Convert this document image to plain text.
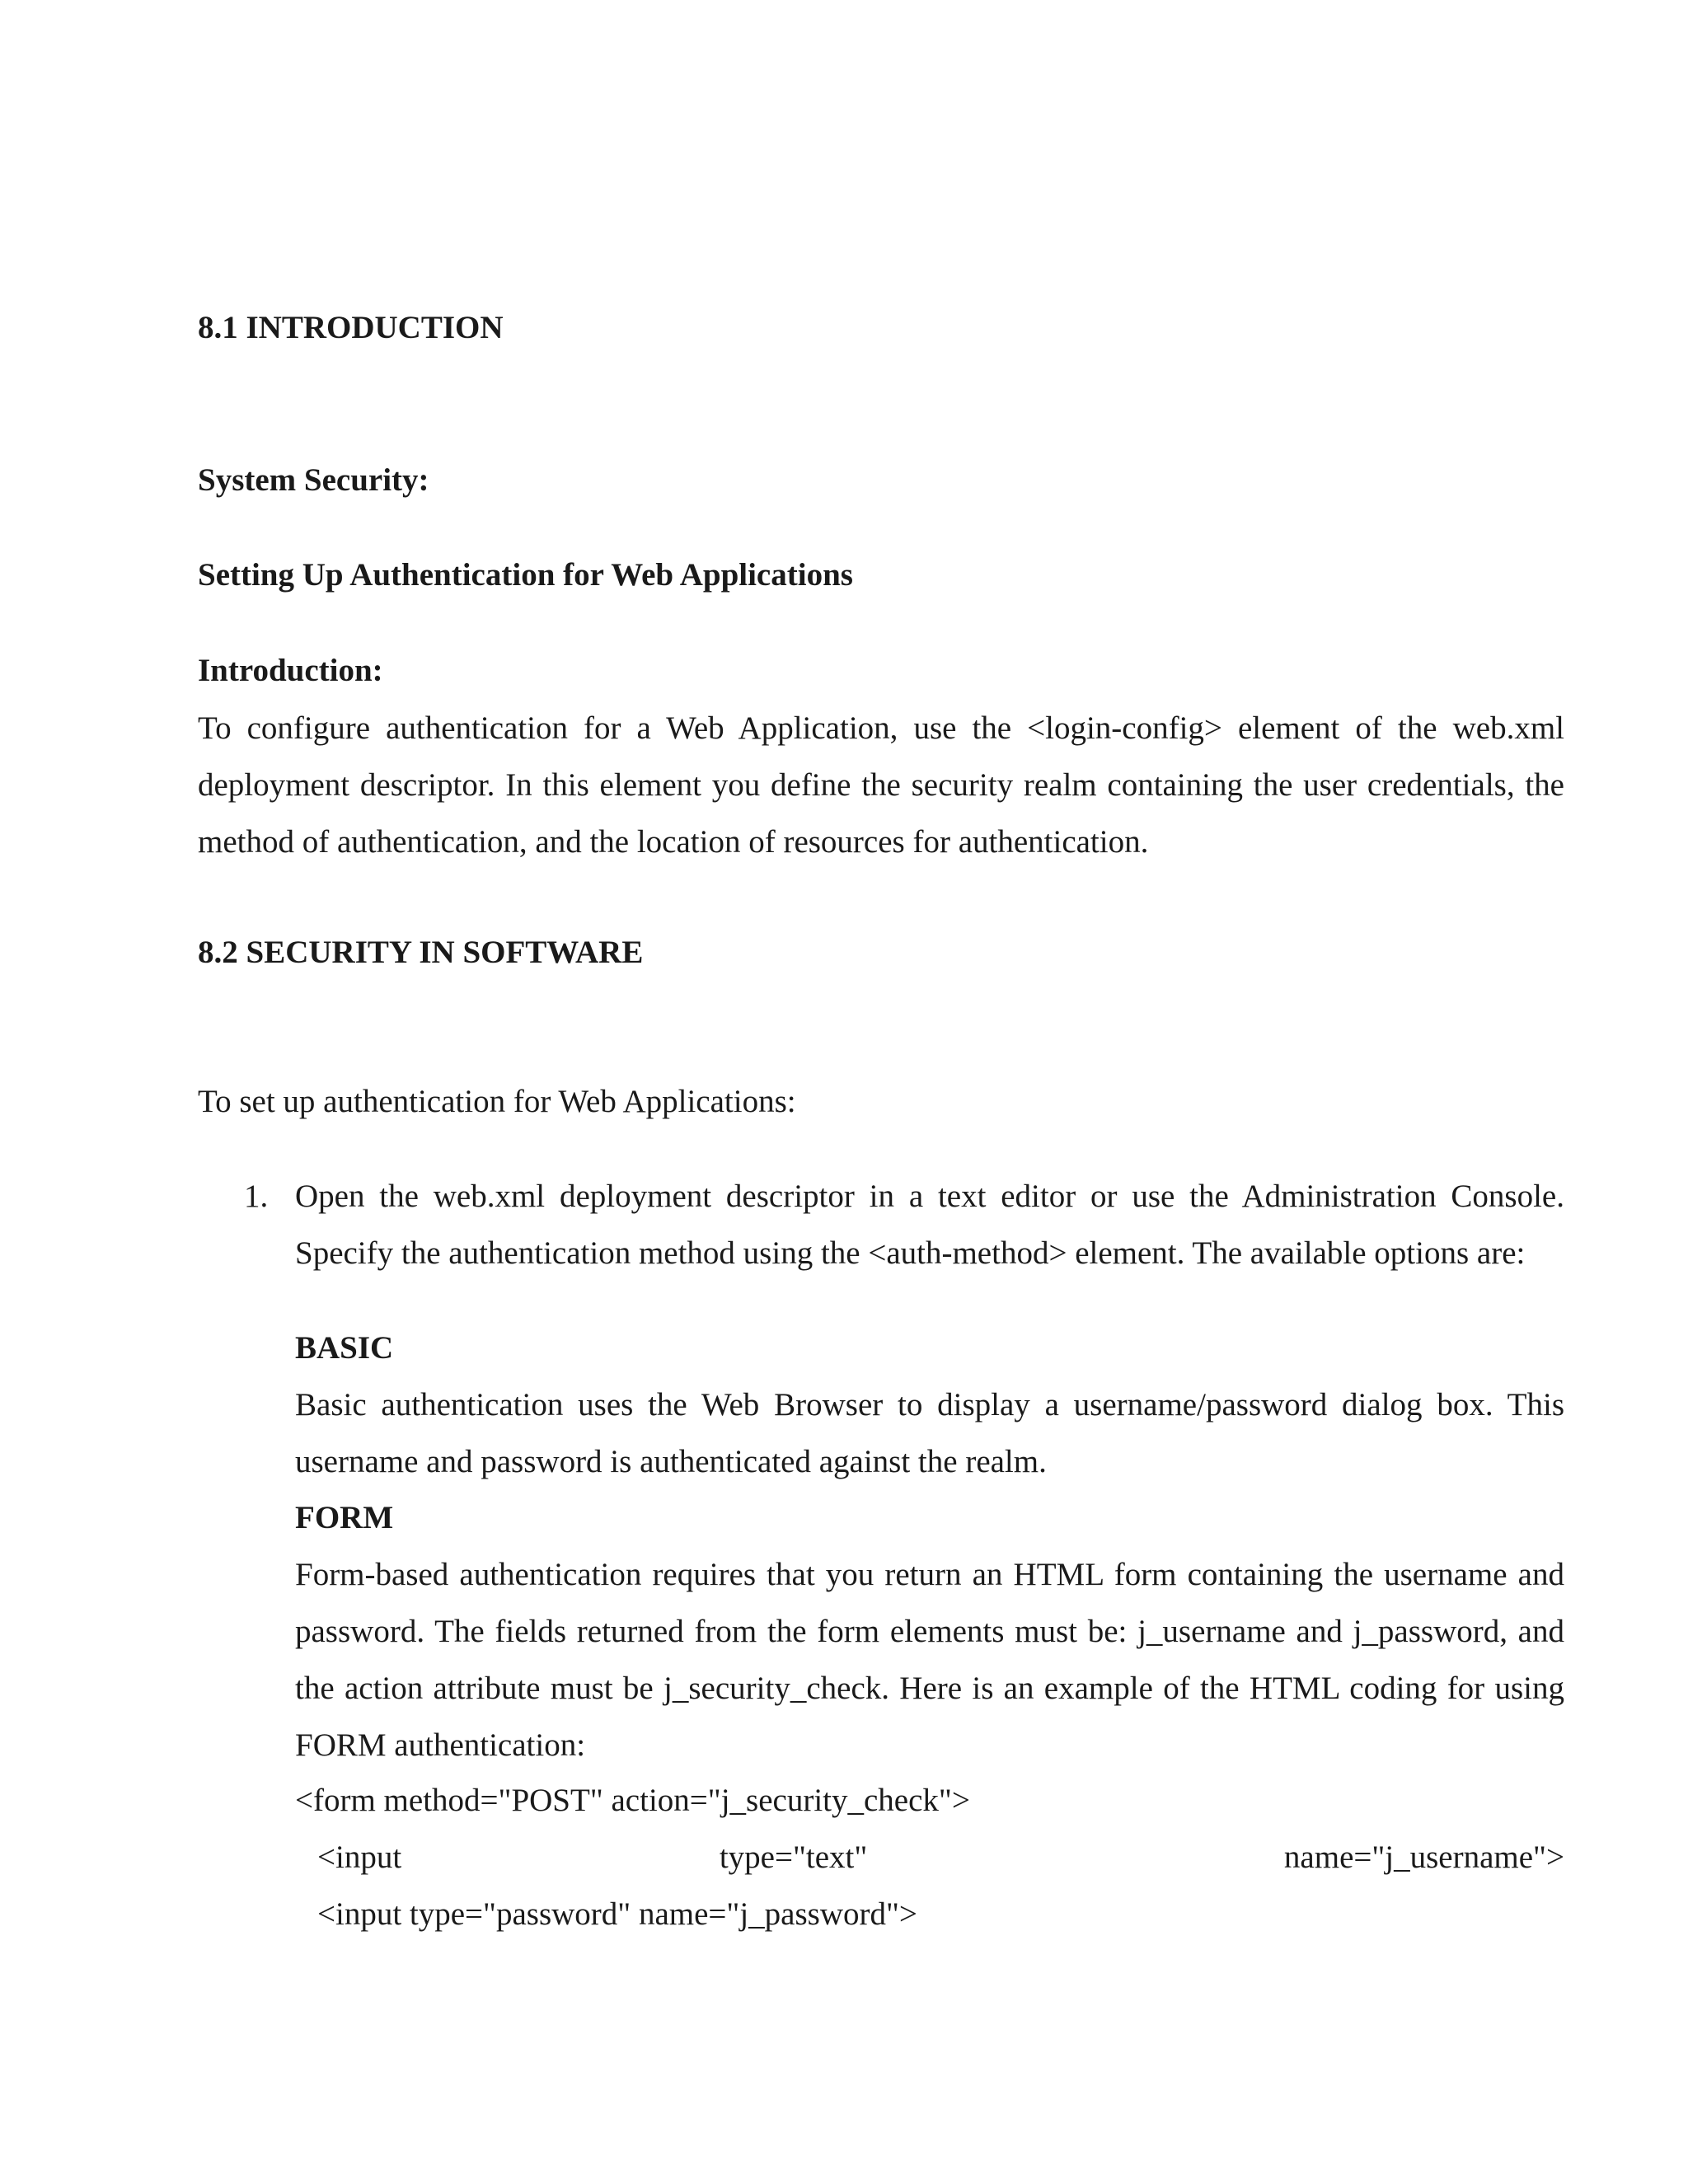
8.1 INTRODUCTION
System Security:
Setting Up Authentication for Web Applications
Introduction:

To configure authentication for a Web Application, use the <login-config> element of the web.xml deployment descriptor. In this element you define the security realm containing the user credentials, the method of authentication, and the location of resources for authentication.

8.2 SECURITY IN SOFTWARE

To set up authentication for Web Applications:

1. Open the web.xml deployment descriptor in a text editor or use the Administration Console. Specify the authentication method using the <auth-method> element. The available options are:

BASIC

Basic authentication uses the Web Browser to display a username/password dialog box. This username and password is authenticated against the realm.

FORM

Form-based authentication requires that you return an HTML form containing the username and password. The fields returned from the form elements must be: j_username and j_password, and the action attribute must be j_security_check. Here is an example of the HTML coding for using FORM authentication:

<form method="POST" action="j_security_check">
<input	type="text"	name="j_username">
<input type="password" name="j_password">
